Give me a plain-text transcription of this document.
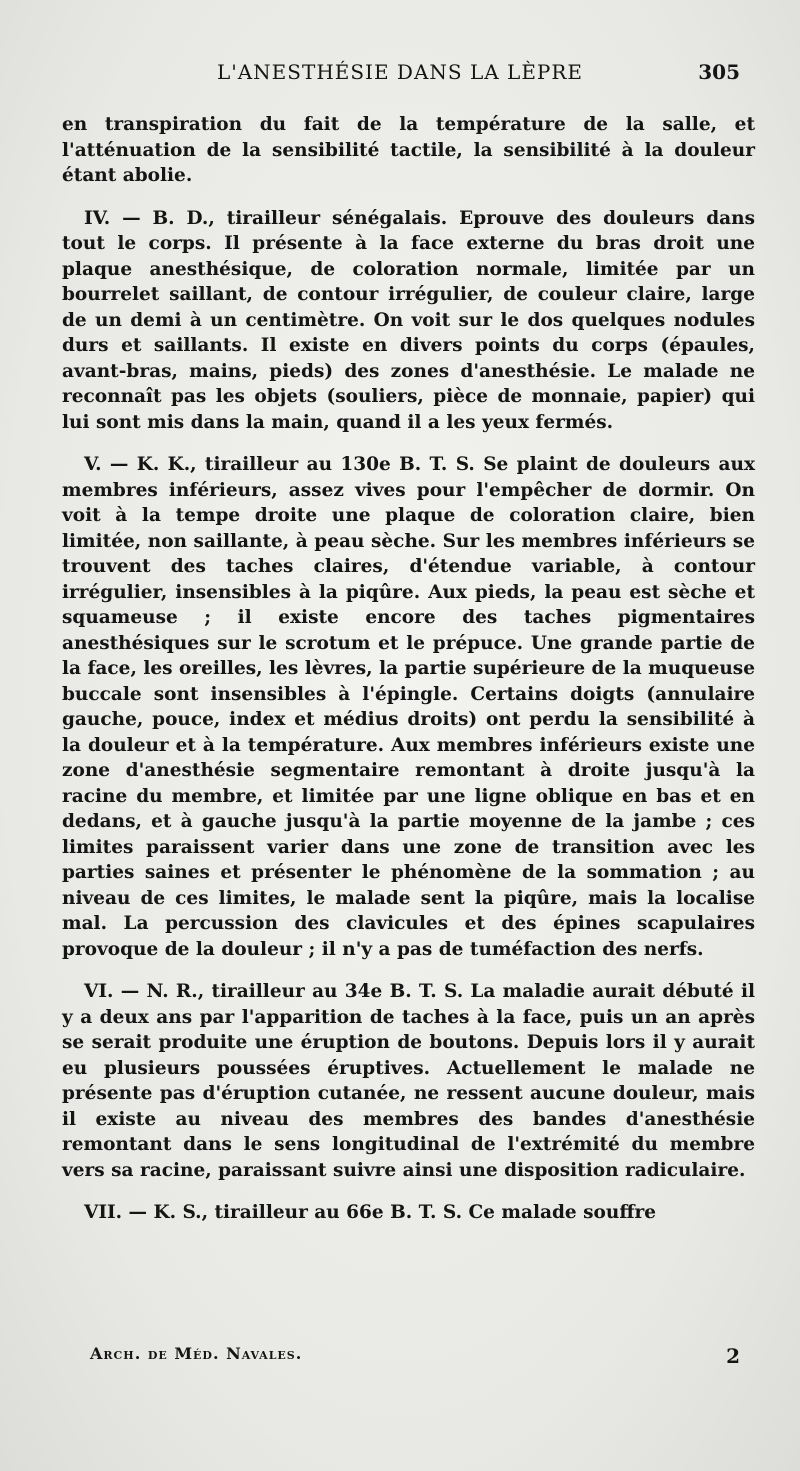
L'ANESTHÉSIE DANS LA LÈPRE	305

en transpiration du fait de la température de la salle, et l'atténuation de la sensibilité tactile, la sensibilité à la douleur étant abolie.

IV. — B. D., tirailleur sénégalais. Eprouve des douleurs dans tout le corps. Il présente à la face externe du bras droit une plaque anesthésique, de coloration normale, limitée par un bourrelet saillant, de contour irrégulier, de couleur claire, large de un demi à un centimètre. On voit sur le dos quelques nodules durs et saillants. Il existe en divers points du corps (épaules, avant-bras, mains, pieds) des zones d'anesthésie. Le malade ne reconnaît pas les objets (souliers, pièce de monnaie, papier) qui lui sont mis dans la main, quand il a les yeux fermés.

V. — K. K., tirailleur au 130e B. T. S. Se plaint de douleurs aux membres inférieurs, assez vives pour l'empêcher de dormir. On voit à la tempe droite une plaque de coloration claire, bien limitée, non saillante, à peau sèche. Sur les membres inférieurs se trouvent des taches claires, d'étendue variable, à contour irrégulier, insensibles à la piqûre. Aux pieds, la peau est sèche et squameuse ; il existe encore des taches pigmentaires anesthésiques sur le scrotum et le prépuce. Une grande partie de la face, les oreilles, les lèvres, la partie supérieure de la muqueuse buccale sont insensibles à l'épingle. Certains doigts (annulaire gauche, pouce, index et médius droits) ont perdu la sensibilité à la douleur et à la température. Aux membres inférieurs existe une zone d'anesthésie segmentaire remontant à droite jusqu'à la racine du membre, et limitée par une ligne oblique en bas et en dedans, et à gauche jusqu'à la partie moyenne de la jambe ; ces limites paraissent varier dans une zone de transition avec les parties saines et présenter le phénomène de la sommation ; au niveau de ces limites, le malade sent la piqûre, mais la localise mal. La percussion des clavicules et des épines scapulaires provoque de la douleur ; il n'y a pas de tuméfaction des nerfs.

VI. — N. R., tirailleur au 34e B. T. S. La maladie aurait débuté il y a deux ans par l'apparition de taches à la face, puis un an après se serait produite une éruption de boutons. Depuis lors il y aurait eu plusieurs poussées éruptives. Actuellement le malade ne présente pas d'éruption cutanée, ne ressent aucune douleur, mais il existe au niveau des membres des bandes d'anesthésie remontant dans le sens longitudinal de l'extrémité du membre vers sa racine, paraissant suivre ainsi une disposition radiculaire.

VII. — K. S., tirailleur au 66e B. T. S. Ce malade souffre

Arch. de Méd. Navales.	2
